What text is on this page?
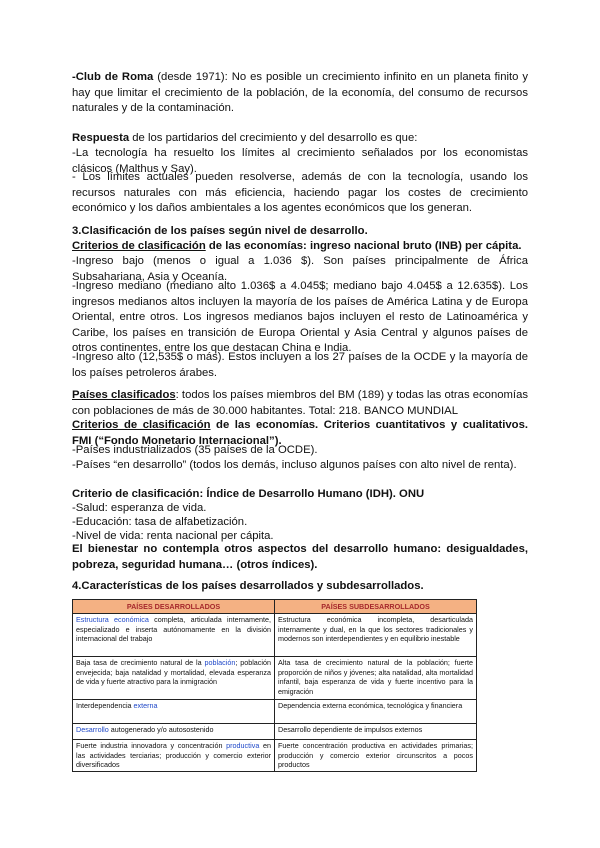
-Club de Roma (desde 1971): No es posible un crecimiento infinito en un planeta finito y hay que limitar el crecimiento de la población, de la economía, del consumo de recursos naturales y de la contaminación.

Respuesta de los partidarios del crecimiento y del desarrollo es que:

-La tecnología ha resuelto los límites al crecimiento señalados por los economistas clásicos (Malthus y Say).

- Los límites actuales pueden resolverse, además de con la tecnología, usando los recursos naturales con más eficiencia, haciendo pagar los costes de crecimiento económico y los daños ambientales a los agentes económicos que los generan.

3.Clasificación de los países según nivel de desarrollo.

Criterios de clasificación de las economías: ingreso nacional bruto (INB) per cápita.

-Ingreso bajo (menos o igual a 1.036 $). Son países principalmente de África Subsahariana, Asia y Oceanía.

-Ingreso mediano (mediano alto 1.036$ a 4.045$; mediano bajo 4.045$ a 12.635$). Los ingresos medianos altos incluyen la mayoría de los países de América Latina y de Europa Oriental, entre otros. Los ingresos medianos bajos incluyen el resto de Latinoamérica y Caribe, los países en transición de Europa Oriental y Asia Central y algunos países de otros continentes, entre los que destacan China e India.

-Ingreso alto (12,535$ o más). Estos incluyen a los 27 países de la OCDE y la mayoría de los países petroleros árabes.

Países clasificados: todos los países miembros del BM (189) y todas las otras economías con poblaciones de más de 30.000 habitantes. Total: 218. BANCO MUNDIAL

Criterios de clasificación de las economías. Criterios cuantitativos y cualitativos. FMI (“Fondo Monetario Internacional”).

-Países industrializados (35 países de la OCDE).

-Países “en desarrollo” (todos los demás, incluso algunos países con alto nivel de renta).

Criterio de clasificación: Índice de Desarrollo Humano (IDH). ONU

-Salud: esperanza de vida.

-Educación: tasa de alfabetización.

-Nivel de vida: renta nacional per cápita.

El bienestar no contempla otros aspectos del desarrollo humano: desigualdades, pobreza, seguridad humana… (otros índices).

4.Características de los países desarrollados y subdesarrollados.

PAÍSES DESARROLLADOS	PAÍSES SUBDESARROLLADOS
Estructura económica completa, articulada internamente, especializado e inserta autónomamente en la división internacional del trabajo	Estructura económica incompleta, desarticulada internamente y dual, en la que los sectores tradicionales y modernos son interdependientes y en equilibrio inestable
Baja tasa de crecimiento natural de la población; población envejecida; baja natalidad y mortalidad, elevada esperanza de vida y fuerte atractivo para la inmigración	Alta tasa de crecimiento natural de la población; fuerte proporción de niños y jóvenes; alta natalidad, alta mortalidad infantil, baja esperanza de vida y fuerte incentivo para la emigración
Interdependencia externa	Dependencia externa económica, tecnológica y financiera
Desarrollo autogenerado y/o autosostenido	Desarrollo dependiente de impulsos externos
Fuerte industria innovadora y concentración productiva en las actividades terciarias; producción y comercio exterior diversificados	Fuerte concentración productiva en actividades primarias; producción y comercio exterior circunscritos a pocos productos
